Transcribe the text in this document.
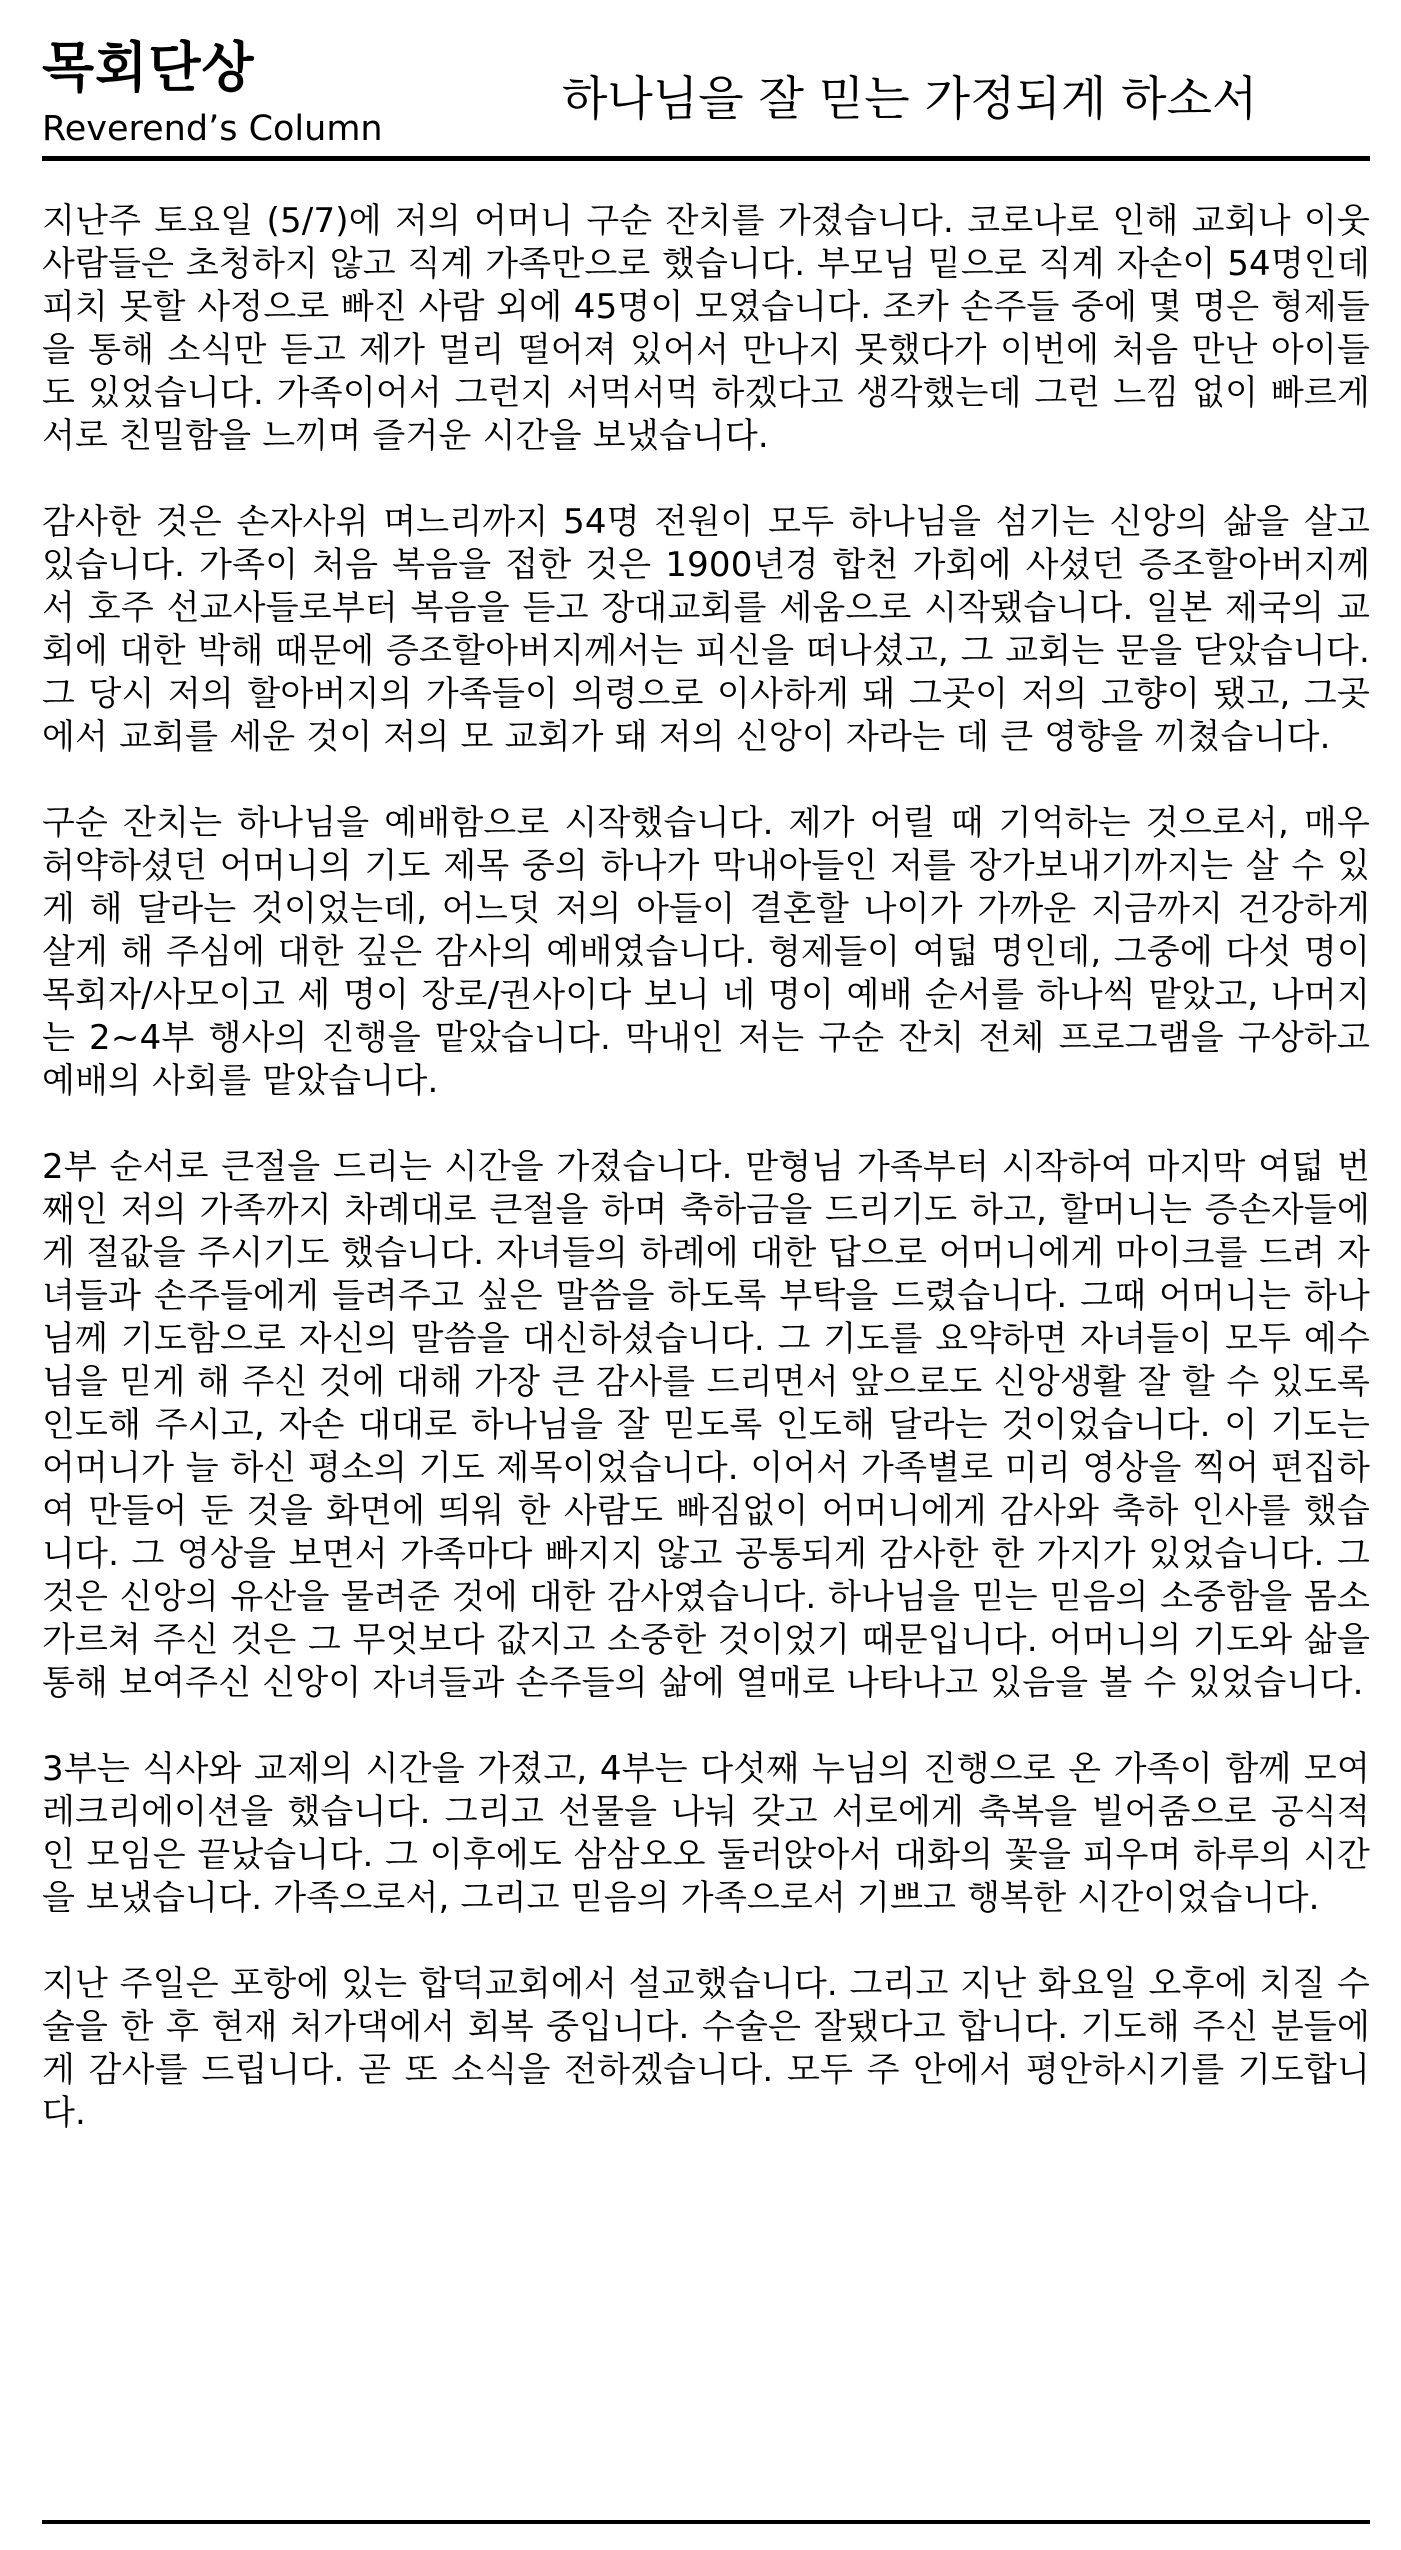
목회단상
Reverend’s Column
하나님을 잘 믿는 가정되게 하소서

지난주 토요일 (5/7)에 저의 어머니 구순 잔치를 가졌습니다. 코로나로 인해 교회나 이웃 사람들은 초청하지 않고 직계 가족만으로 했습니다. 부모님 밑으로 직계 자손이 54명인데 피치 못할 사정으로 빠진 사람 외에 45명이 모였습니다. 조카 손주들 중에 몇 명은 형제들을 통해 소식만 듣고 제가 멀리 떨어져 있어서 만나지 못했다가 이번에 처음 만난 아이들도 있었습니다. 가족이어서 그런지 서먹서먹 하겠다고 생각했는데 그런 느낌 없이 빠르게 서로 친밀함을 느끼며 즐거운 시간을 보냈습니다.

감사한 것은 손자사위 며느리까지 54명 전원이 모두 하나님을 섬기는 신앙의 삶을 살고 있습니다. 가족이 처음 복음을 접한 것은 1900년경 합천 가회에 사셨던 증조할아버지께서 호주 선교사들로부터 복음을 듣고 장대교회를 세움으로 시작됐습니다. 일본 제국의 교회에 대한 박해 때문에 증조할아버지께서는 피신을 떠나셨고, 그 교회는 문을 닫았습니다. 그 당시 저의 할아버지의 가족들이 의령으로 이사하게 돼 그곳이 저의 고향이 됐고, 그곳에서 교회를 세운 것이 저의 모 교회가 돼 저의 신앙이 자라는 데 큰 영향을 끼쳤습니다.

구순 잔치는 하나님을 예배함으로 시작했습니다. 제가 어릴 때 기억하는 것으로서, 매우 허약하셨던 어머니의 기도 제목 중의 하나가 막내아들인 저를 장가보내기까지는 살 수 있게 해 달라는 것이었는데, 어느덧 저의 아들이 결혼할 나이가 가까운 지금까지 건강하게 살게 해 주심에 대한 깊은 감사의 예배였습니다. 형제들이 여덟 명인데, 그중에 다섯 명이 목회자/사모이고 세 명이 장로/권사이다 보니 네 명이 예배 순서를 하나씩 맡았고, 나머지는 2~4부 행사의 진행을 맡았습니다. 막내인 저는 구순 잔치 전체 프로그램을 구상하고 예배의 사회를 맡았습니다.

2부 순서로 큰절을 드리는 시간을 가졌습니다. 맏형님 가족부터 시작하여 마지막 여덟 번째인 저의 가족까지 차례대로 큰절을 하며 축하금을 드리기도 하고, 할머니는 증손자들에게 절값을 주시기도 했습니다. 자녀들의 하례에 대한 답으로 어머니에게 마이크를 드려 자녀들과 손주들에게 들려주고 싶은 말씀을 하도록 부탁을 드렸습니다. 그때 어머니는 하나님께 기도함으로 자신의 말씀을 대신하셨습니다. 그 기도를 요약하면 자녀들이 모두 예수님을 믿게 해 주신 것에 대해 가장 큰 감사를 드리면서 앞으로도 신앙생활 잘 할 수 있도록 인도해 주시고, 자손 대대로 하나님을 잘 믿도록 인도해 달라는 것이었습니다. 이 기도는 어머니가 늘 하신 평소의 기도 제목이었습니다. 이어서 가족별로 미리 영상을 찍어 편집하여 만들어 둔 것을 화면에 띄워 한 사람도 빠짐없이 어머니에게 감사와 축하 인사를 했습니다. 그 영상을 보면서 가족마다 빠지지 않고 공통되게 감사한 한 가지가 있었습니다. 그것은 신앙의 유산을 물려준 것에 대한 감사였습니다. 하나님을 믿는 믿음의 소중함을 몸소 가르쳐 주신 것은 그 무엇보다 값지고 소중한 것이었기 때문입니다. 어머니의 기도와 삶을 통해 보여주신 신앙이 자녀들과 손주들의 삶에 열매로 나타나고 있음을 볼 수 있었습니다.

3부는 식사와 교제의 시간을 가졌고, 4부는 다섯째 누님의 진행으로 온 가족이 함께 모여 레크리에이션을 했습니다. 그리고 선물을 나눠 갖고 서로에게 축복을 빌어줌으로 공식적인 모임은 끝났습니다. 그 이후에도 삼삼오오 둘러앉아서 대화의 꽃을 피우며 하루의 시간을 보냈습니다. 가족으로서, 그리고 믿음의 가족으로서 기쁘고 행복한 시간이었습니다.

지난 주일은 포항에 있는 합덕교회에서 설교했습니다. 그리고 지난 화요일 오후에 치질 수술을 한 후 현재 처가댁에서 회복 중입니다. 수술은 잘됐다고 합니다. 기도해 주신 분들에게 감사를 드립니다. 곧 또 소식을 전하겠습니다. 모두 주 안에서 평안하시기를 기도합니다.
